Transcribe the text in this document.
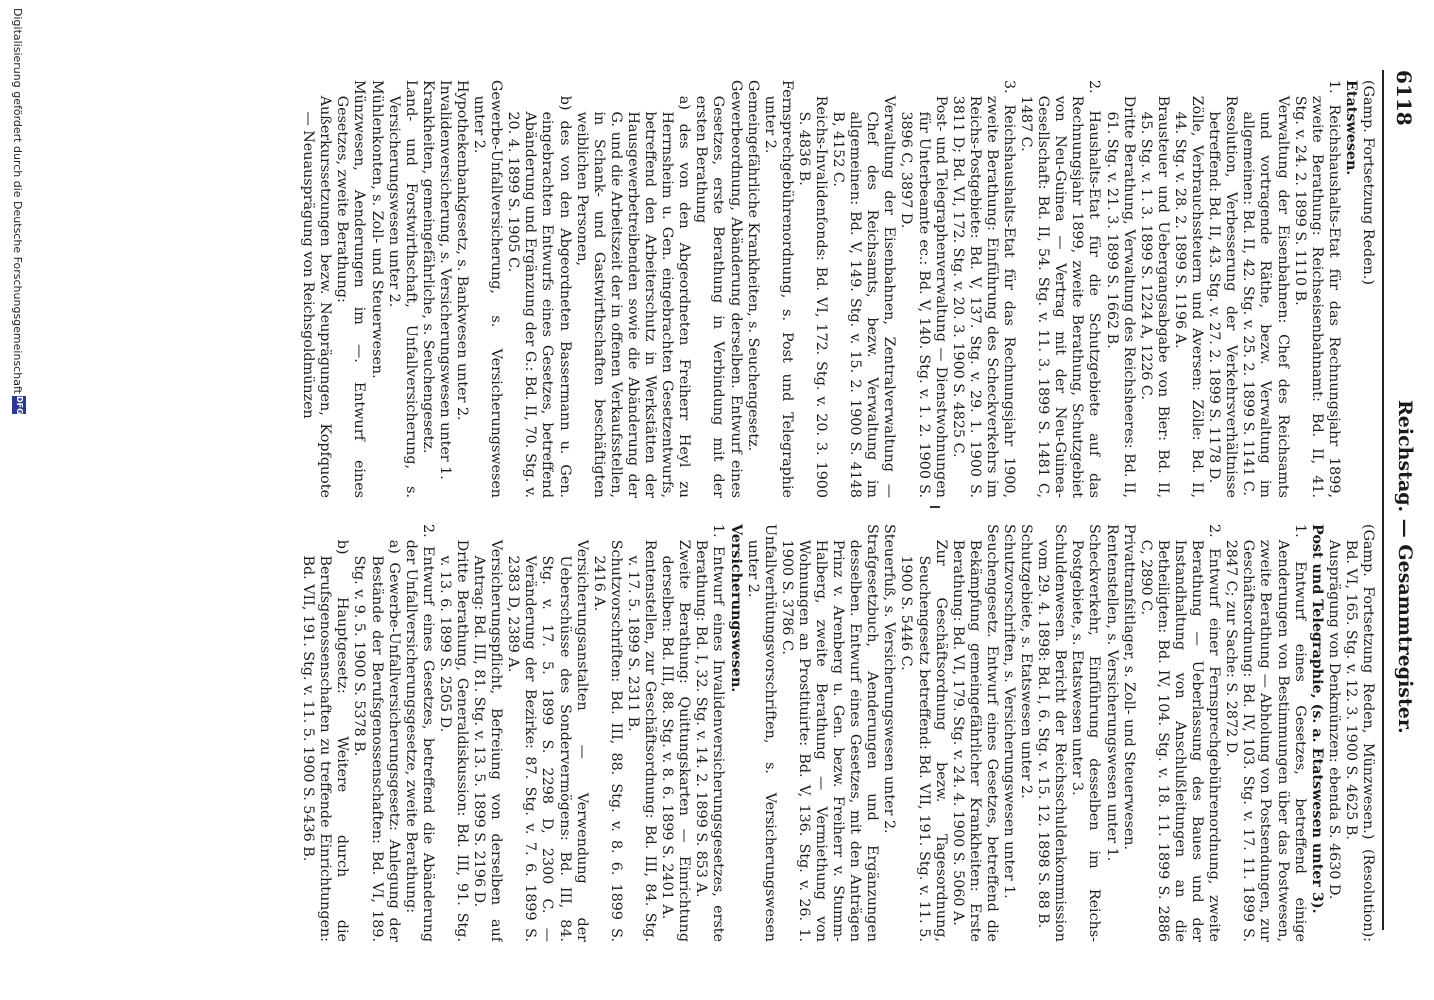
6118
Reichstag. — Gesammtregister.

(Gamp. Fortsetzung Reden.)

Etatswesen.

1. Reichshaushalts-Etat für das Rechnungsjahr 1899, zweite Berathung: Reichseisenbahnamt: Bd. II, 41. Stg. v. 24. 2. 1899 S. 1110 B.

Verwaltung der Eisenbahnen: Chef des Reichsamts und vortragende Räthe, bezw. Verwaltung im allgemeinen: Bd. II, 42. Stg. v. 25. 2. 1899 S. 1141 C.

Resolution, Verbesserung der Verkehrsverhältnisse betreffend: Bd. II, 43. Stg. v. 27. 2. 1899 S. 1178 D.

Zölle, Verbrauchssteuern und Aversen: Zölle: Bd. II, 44. Stg. v. 28. 2. 1899 S. 1196 A.

Brausteuer und Uebergangsabgabe von Bier: Bd. II, 45. Stg. v. 1. 3. 1899 S. 1224 A, 1226 C.

Dritte Berathung, Verwaltung des Reichsheeres: Bd. II, 61. Stg. v. 21. 3. 1899 S. 1662 B.

2. Haushalts-Etat für die Schutzgebiete auf das Rechnungsjahr 1899, zweite Berathung, Schutzgebiet von Neu-Guinea — Vertrag mit der Neu-Guinea-Gesellschaft: Bd. II, 54. Stg. v. 11. 3. 1899 S. 1481 C, 1487 C.

3. Reichshaushalts-Etat für das Rechnungsjahr 1900, zweite Berathung: Einführung des Scheckverkehrs im Reichs-Postgebiete: Bd. V, 137. Stg. v. 29. 1. 1900 S. 3811 D; Bd. VI, 172. Stg. v. 20. 3. 1900 S. 4825 C.

Post- und Telegraphenverwaltung — Dienstwohnungen für Unterbeamte ec.: Bd. V, 140. Stg. v. 1. 2. 1900 S. 3896 C, 3897 D.

Verwaltung der Eisenbahnen, Zentralverwaltung — Chef des Reichsamts, bezw. Verwaltung im allgemeinen: Bd. V, 149. Stg. v. 15. 2. 1900 S. 4148 B, 4152 C.

Reichs-Invalidenfonds: Bd. VI, 172. Stg. v. 20. 3. 1900 S. 4836 B.

Fernsprechgebührenordnung, s. Post und Telegraphie unter 2.

Gemeingefährliche Krankheiten, s. Seuchengesetz.

Gewerbeordnung, Abänderung derselben. Entwurf eines Gesetzes, erste Berathung in Verbindung mit der ersten Berathung

a) des von den Abgeordneten Freiherr Heyl zu Herrnsheim u. Gen. eingebrachten Gesetzentwurfs, betreffend den Arbeiterschutz in Werkstätten der Hausgewerbetreibenden sowie die Abänderung der G. und die Arbeitszeit der in offenen Verkaufsstellen, in Schank- und Gastwirthschaften beschäftigten weiblichen Personen,

b) des von den Abgeordneten Bassermann u. Gen. eingebrachten Entwurfs eines Gesetzes, betreffend Abänderung und Ergänzung der G.: Bd. II, 70. Stg. v. 20. 4. 1899 S. 1905 C.

Gewerbe-Unfallversicherung, s. Versicherungswesen unter 2.

Hypothekenbankgesetz, s. Bankwesen unter 2.

Invalidenversicherung, s. Versicherungswesen unter 1.

Krankheiten, gemeingefährliche, s. Seuchengesetz.

Land- und Forstwirthschaft, Unfallversicherung, s. Versicherungswesen unter 2.

Mühlenkonten, s. Zoll- und Steuerwesen.

Münzwesen, Aenderungen im —. Entwurf eines Gesetzes, zweite Berathung:

Außerkurssetzungen bezw. Neuprägungen, Kopfquote — Neuausprägung von Reichsgoldmünzen

(Gamp. Fortsetzung Reden, Münzwesen.) (Resolution): Bd. VI, 165. Stg. v. 12. 3. 1900 S. 4625 B.

Ausprägung von Denkmünzen: ebenda S. 4630 D.

Post und Telegraphie, (s. a. Etatswesen unter 3).

1. Entwurf eines Gesetzes, betreffend einige Aenderungen von Bestimmungen über das Postwesen, zweite Berathung — Abholung von Postsendungen, zur Geschäftsordnung: Bd. IV, 103. Stg. v. 17. 11. 1899 S. 2847 C; zur Sache: S. 2872 D.

2. Entwurf einer Fernsprechgebührenordnung, zweite Berathung — Ueberlassung des Baues und der Instandhaltung von Anschlußleitungen an die Betheiligten: Bd. IV, 104. Stg. v. 18. 11. 1899 S. 2886 C, 2890 C.

Privattranfsitlager, s. Zoll- und Steuerwesen.

Rentenstellen, s. Versicherungswesen unter 1.

Scheckverkehr, Einführung desselben im Reichs-Postgebiete, s. Etatswesen unter 3.

Schuldenwesen. Bericht der Reichsschuldenkommission vom 29. 4. 1898: Bd. I, 6. Stg. v. 15. 12. 1898 S. 88 B.

Schutzgebiete, s. Etatswesen unter 2.

Schutzvorschriften, s. Versicherungswesen unter 1.

Seuchengesetz. Entwurf eines Gesetzes, betreffend die Bekämpfung gemeingefährlicher Krankheiten: Erste Berathung: Bd. VI, 179. Stg. v. 24. 4. 1900 S. 5060 A.

Zur Geschäftsordnung bezw. Tagesordnung, Seuchengesetz betreffend: Bd. VII, 191. Stg. v. 11. 5. 1900 S. 5446 C.

Steuerfuß, s. Versicherungswesen unter 2.

Strafgesetzbuch, Aenderungen und Ergänzungen desselben. Entwurf eines Gesetzes, mit den Anträgen Prinz v. Arenberg u. Gen. bezw. Freiherr v. Stumm-Halberg, zweite Berathung — Vermiethung von Wohnungen an Prostituirte: Bd. V, 136. Stg. v. 26. 1. 1900 S. 3786 C.

Unfallverhütungsvorschriften, s. Versicherungswesen unter 2.

Versicherungswesen.

1. Entwurf eines Invalidenversicherungsgesetzes, erste Berathung: Bd. I, 32. Stg. v. 14. 2. 1899 S. 853 A.

Zweite Berathung: Quittungskarten — Einrichtung derselben: Bd. III, 88. Stg. v. 8. 6. 1899 S. 2401 A.

Rentenstellen, zur Geschäftsordnung: Bd. III, 84. Stg. v. 17. 5. 1899 S. 2311 B.

Schutzvorschriften: Bd. III, 88. Stg. v. 8. 6. 1899 S. 2416 A.

Versicherungsanstalten — Verwendung der Ueberschüsse des Sondervermögens: Bd. III, 84. Stg. v. 17. 5. 1899 S. 2298 D, 2300 C. — Veränderung der Bezirke: 87. Stg. v. 7. 6. 1899 S. 2383 D, 2389 A.

Versicherungspflicht, Befreiung von derselben auf Antrag: Bd. III, 81. Stg. v. 13. 5. 1899 S. 2196 D.

Dritte Berathung, Generaldiskussion: Bd. III, 91. Stg. v. 13. 6. 1899 S. 2505 D.

2. Entwurf eines Gesetzes, betreffend die Abänderung der Unfallversicherungsgesetze, zweite Berathung:

a) Gewerbe-Unfallversicherungsgesetz: Anlegung der Bestände der Berufsgenossenschaften: Bd. VI, 189. Stg. v. 9. 5. 1900 S. 5378 B.

b) Hauptgesetz: Weitere durch die Berufsgenossenschaften zu treffende Einrichtungen: Bd. VII, 191. Stg. v. 11. 5. 1900 S. 5436 B.

Digitalisierung gefördert durch die Deutsche Forschungsgemeinschaft
DFG
